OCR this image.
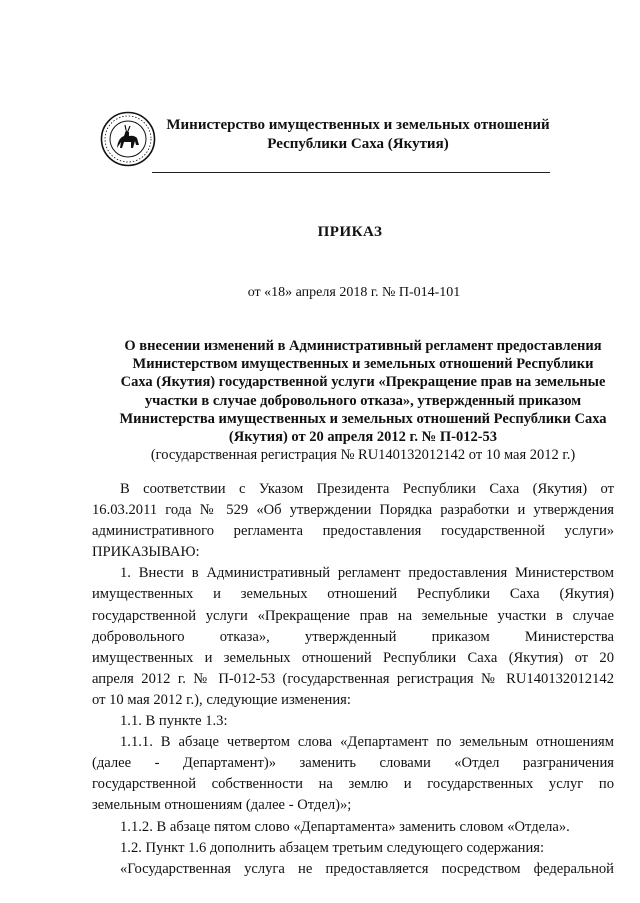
Министерство имущественных и земельных отношений
Республики Саха (Якутия)
ПРИКАЗ
от «18» апреля 2018 г. № П-014-101
О внесении изменений в Административный регламент предоставления
Министерством имущественных и земельных отношений Республики
Саха (Якутия) государственной услуги «Прекращение прав на земельные
участки в случае добровольного отказа», утвержденный приказом
Министерства имущественных и земельных отношений Республики Саха
(Якутия) от 20 апреля 2012 г. № П-012-53
(государственная регистрация № RU140132012142 от 10 мая 2012 г.)
В соответствии с Указом Президента Республики Саха (Якутия) от
16.03.2011 года № 529 «Об утверждении Порядка разработки и утверждения
административного регламента предоставления государственной услуги»
ПРИКАЗЫВАЮ:
1. Внести в Административный регламент предоставления Министерством
имущественных и земельных отношений Республики Саха (Якутия)
государственной услуги «Прекращение прав на земельные участки в случае
добровольного отказа», утвержденный приказом Министерства
имущественных и земельных отношений Республики Саха (Якутия) от 20
апреля 2012 г. № П-012-53 (государственная регистрация № RU140132012142
от 10 мая 2012 г.), следующие изменения:
1.1. В пункте 1.3:
1.1.1. В абзаце четвертом слова «Департамент по земельным отношениям
(далее - Департамент)» заменить словами «Отдел разграничения
государственной собственности на землю и государственных услуг по
земельным отношениям (далее - Отдел)»;
1.1.2. В абзаце пятом слово «Департамента» заменить словом «Отдела».
1.2. Пункт 1.6 дополнить абзацем третьим следующего содержания:
«Государственная услуга не предоставляется посредством федеральной
